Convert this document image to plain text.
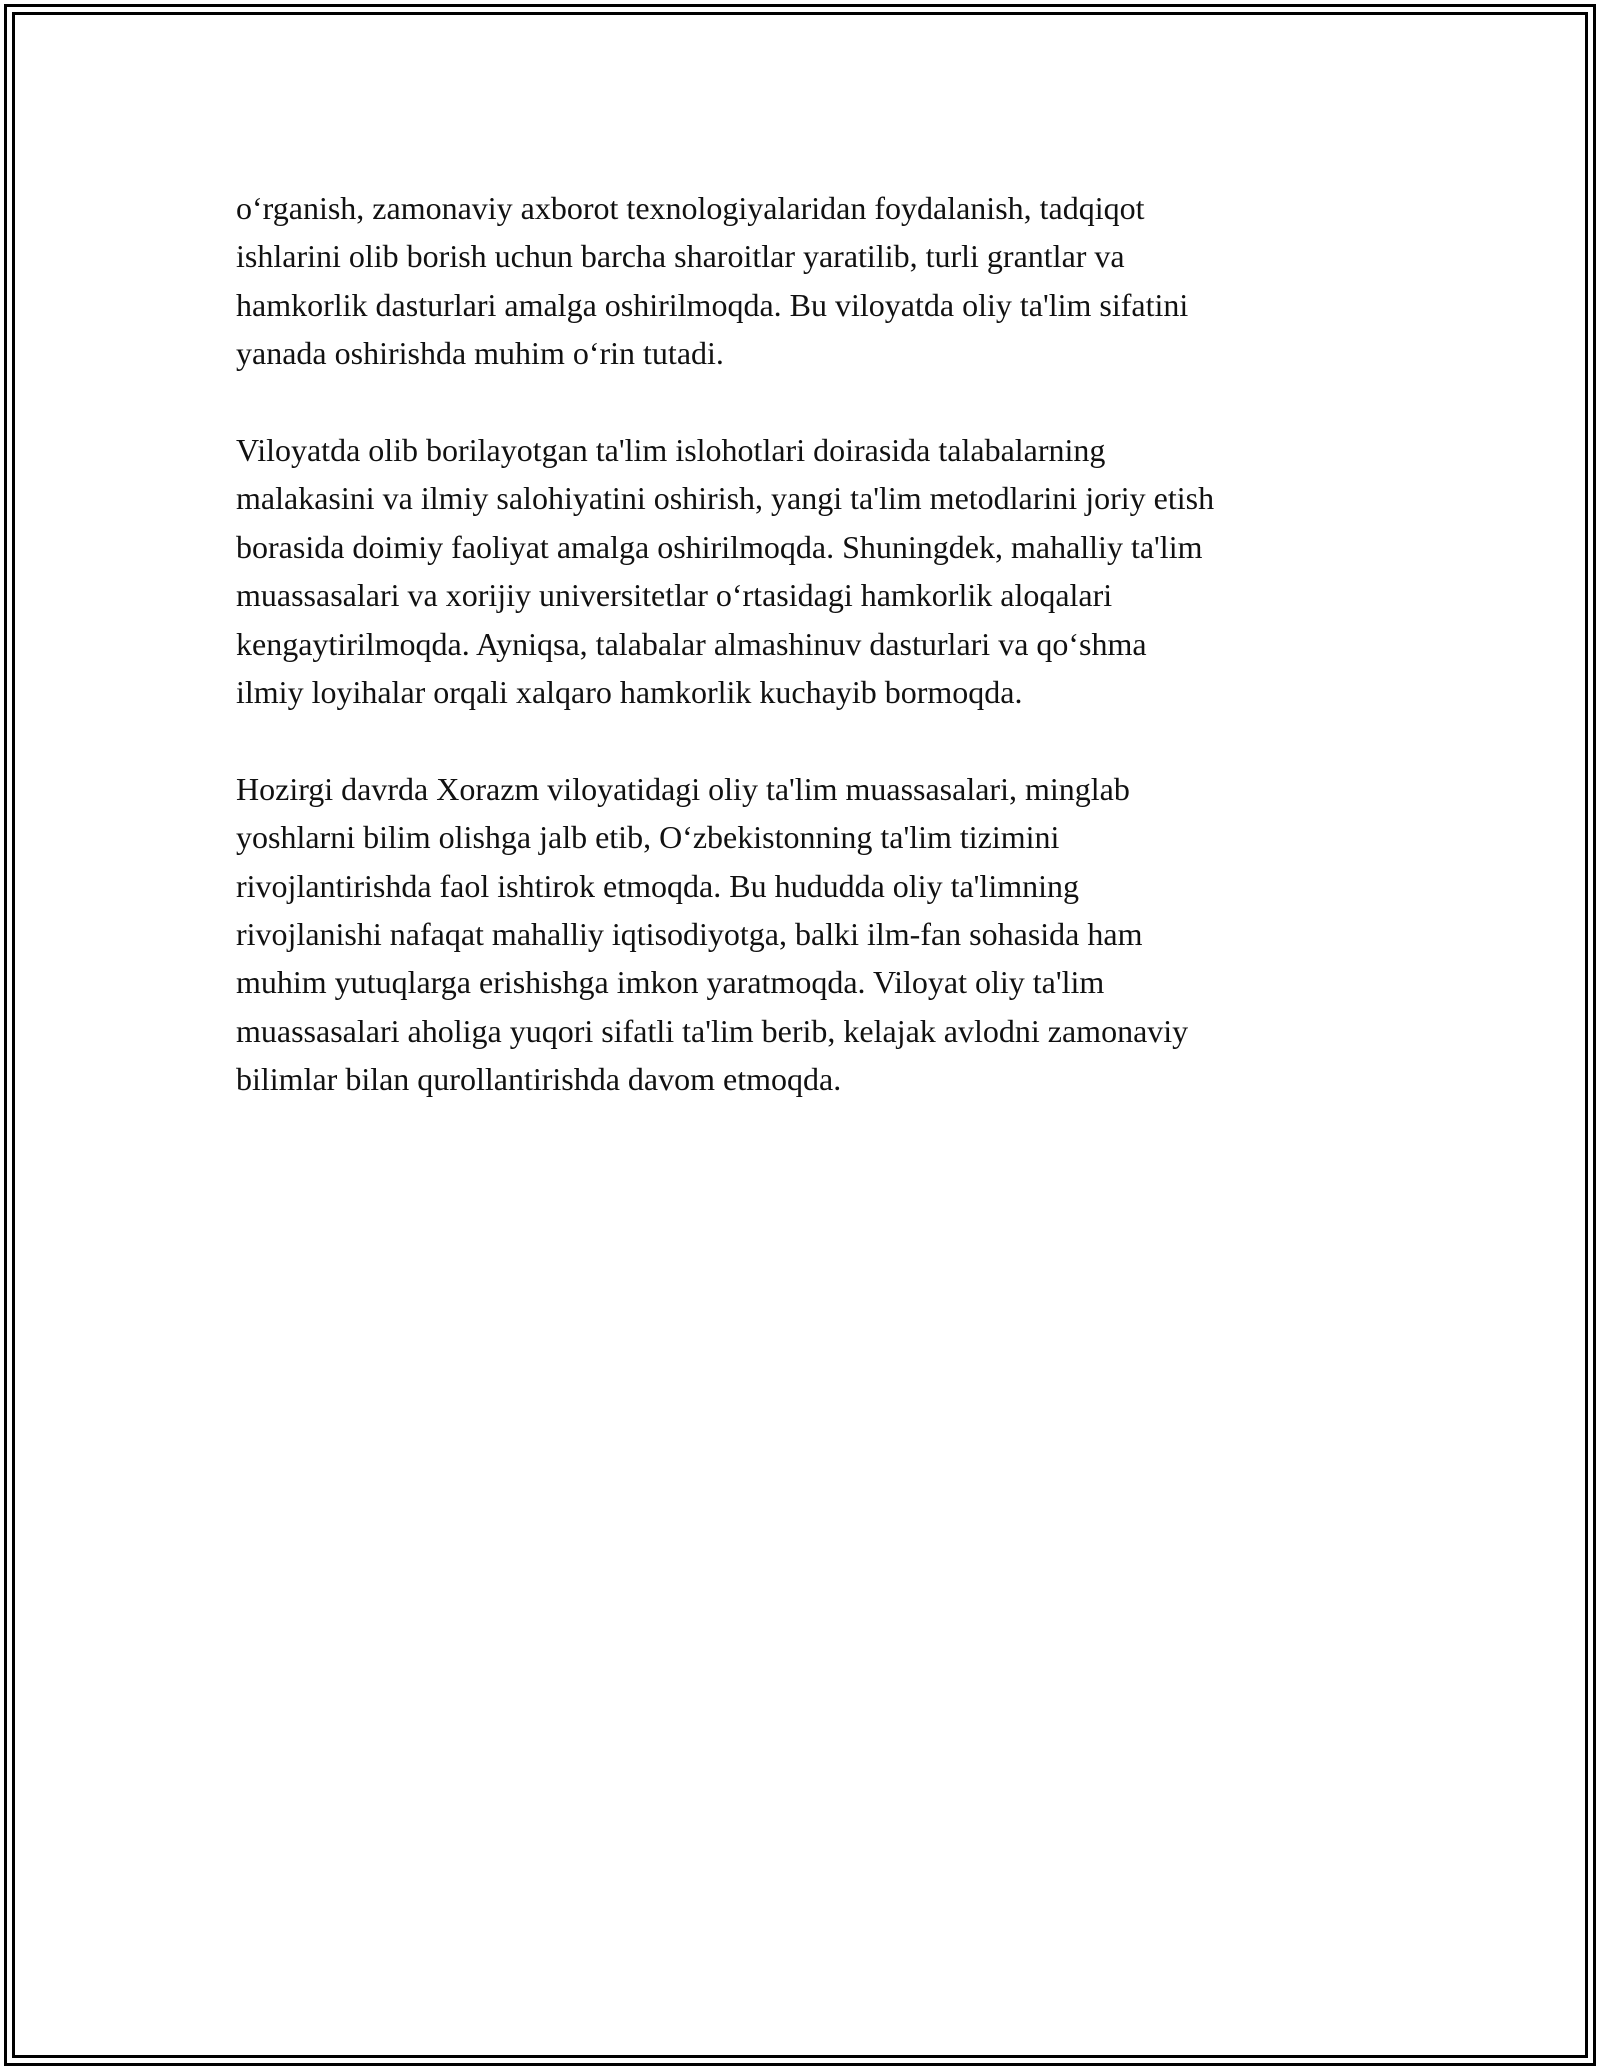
o‘rganish, zamonaviy axborot texnologiyalaridan foydalanish, tadqiqot
ishlarini olib borish uchun barcha sharoitlar yaratilib, turli grantlar va
hamkorlik dasturlari amalga oshirilmoqda. Bu viloyatda oliy ta'lim sifatini
yanada oshirishda muhim o‘rin tutadi.

Viloyatda olib borilayotgan ta'lim islohotlari doirasida talabalarning
malakasini va ilmiy salohiyatini oshirish, yangi ta'lim metodlarini joriy etish
borasida doimiy faoliyat amalga oshirilmoqda. Shuningdek, mahalliy ta'lim
muassasalari va xorijiy universitetlar o‘rtasidagi hamkorlik aloqalari
kengaytirilmoqda. Ayniqsa, talabalar almashinuv dasturlari va qo‘shma
ilmiy loyihalar orqali xalqaro hamkorlik kuchayib bormoqda.

Hozirgi davrda Xorazm viloyatidagi oliy ta'lim muassasalari, minglab
yoshlarni bilim olishga jalb etib, O‘zbekistonning ta'lim tizimini
rivojlantirishda faol ishtirok etmoqda. Bu hududda oliy ta'limning
rivojlanishi nafaqat mahalliy iqtisodiyotga, balki ilm-fan sohasida ham
muhim yutuqlarga erishishga imkon yaratmoqda. Viloyat oliy ta'lim
muassasalari aholiga yuqori sifatli ta'lim berib, kelajak avlodni zamonaviy
bilimlar bilan qurollantirishda davom etmoqda.
